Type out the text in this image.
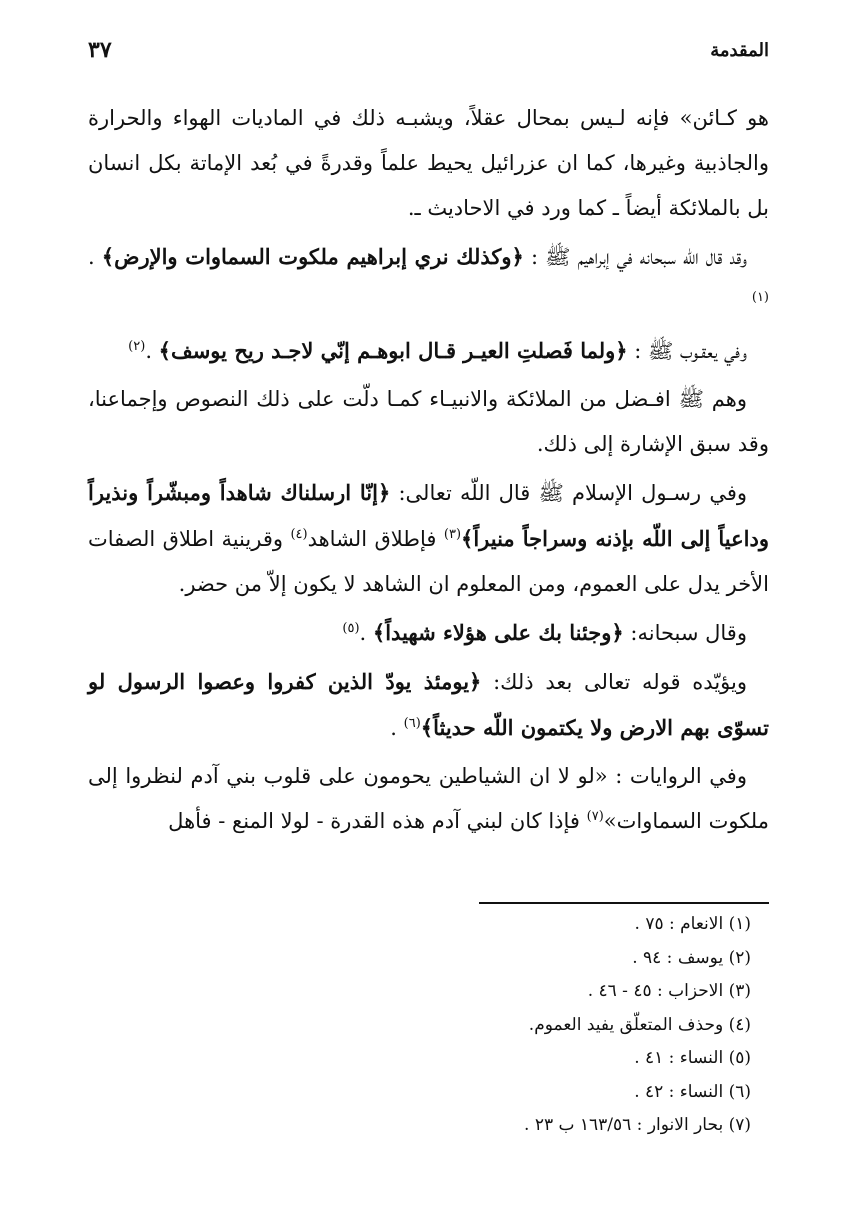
المقدمة
٣٧

هو كـائن» فإنه لـيس بمحال عقلاً، ويشبـه ذلك في الماديات الهواء والحرارة والجاذبية وغيرها، كما ان عزرائيل يحيط علماً وقدرةً في بُعد الإماتة بكل انسان بل بالملائكة أيضاً ـ كما ورد في الاحاديث ـ.

وقد قال اللّه سبحانه في إبراهيم ﷺ : ﴿وكذلك نري إبراهيم ملكوت السماوات والإرض﴾ .$^{(١)}$

وفي يعقـوب ﷺ : ﴿ولما فَصلتِ العيـر قـال ابوهـم إنّي لاجـد ريح يوسف﴾ .$^{(٢)}$

وهم ﷺ افـضل من الملائكة والانبيـاء كمـا دلّت على ذلك النصوص وإجماعنا، وقد سبق الإشارة إلى ذلك.

وفي رسـول الإسلام ﷺ قال اللّه تعالى: ﴿إنّا ارسلناك شاهداً ومبشّراً ونذيراً وداعياً إلى اللّه بإذنه وسراجاً منيراً﴾$^{(٣)}$ فإطلاق الشاهد$^{(٤)}$ وقرينية اطلاق الصفات الأخر يدل على العموم، ومن المعلوم ان الشاهد لا يكون إلاّ من حضر.

وقال سبحانه: ﴿وجئنا بك على هؤلاء شهيداً﴾ .$^{(٥)}$

ويؤيّده قوله تعالى بعد ذلك: ﴿يومئذ يودّ الذين كفروا وعصوا الرسول لو تسوّى بهم الارض ولا يكتمون اللّه حديثاً﴾$^{(٦)}$ .

وفي الروايات : «لو لا ان الشياطين يحومون على قلوب بني آدم لنظروا إلى ملكوت السماوات»$^{(٧)}$ فإذا كان لبني آدم هذه القدرة - لولا المنع - فأهل

(١) الانعام : ٧٥ .
(٢) يوسف : ٩٤ .
(٣) الاحزاب : ٤٥ - ٤٦ .
(٤) وحذف المتعلّق يفيد العموم.
(٥) النساء : ٤١ .
(٦) النساء : ٤٢ .
(٧) بحار الانوار : ١٦٣/٥٦ ب ٢٣ .
